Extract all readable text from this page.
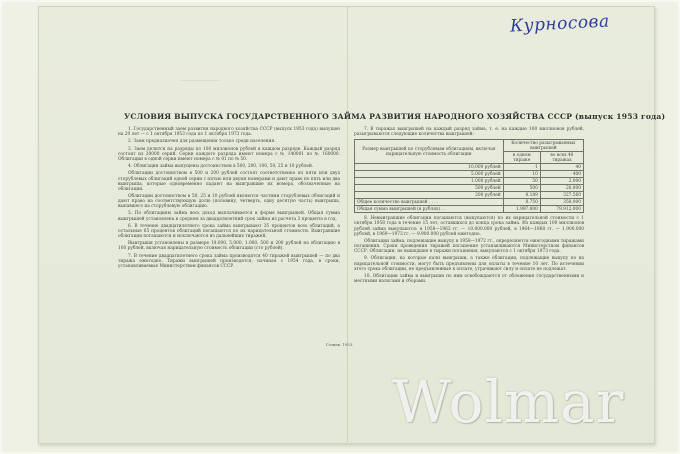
Курносова
УСЛОВИЯ ВЫПУСКА ГОСУДАРСТВЕННОГО ЗАЙМА РАЗВИТИЯ НАРОДНОГО ХОЗЯЙСТВА СССР (выпуск 1953 года)

1. Государственный заем развития народного хозяйства СССР (выпуск 1953 года) выпущен на 20 лет — с 1 октября 1953 года по 1 октября 1973 года.

2. Заем предназначен для размещения только среди населения.

3. Заем делится на разряды по 100 миллионов рублей в каждом разряде. Каждый разряд состоит из 20000 серий. Серии каждого разряда имеют номера с № 140001 по № 160000. Облигации в одной серии имеют номера с № 01 по № 50.

4. Облигации займа выпущены достоинством в 500, 200, 100, 50, 25 и 10 рублей.

Облигации достоинством в 500 и 200 рублей состоят соответственно из пяти или двух сторублевых облигаций одной серии с пятью или двумя номерами и дают право по пять или два выигрыша, которые одновременно падают на выигравшие их номера, обозначенные на облигации.

Облигации достоинством в 50, 25 и 10 рублей являются частями сторублевых облигаций и дают право на соответствующую долю (половину, четверть, одну десятую часть) выигрыша, выпавшего на сторублевую облигацию.

5. По облигациям займа весь доход выплачивается в форме выигрышей. Общая сумма выигрышей установлена в среднем за двадцатилетний срок займа из расчета 3 процента в год.

6. В течение двадцатилетнего срока займа выигрывают 35 процентов всех облигаций, а остальные 65 процентов облигаций погашаются по их нарицательной стоимости. Выигравшие облигации погашаются и исключаются из дальнейших тиражей.

Выигрыши установлены в размере 10.000, 5.000, 1.000, 500 и 200 рублей на облигацию в 100 рублей, включая нарицательную стоимость облигации (сто рублей).

7. В течение двадцатилетнего срока займа производятся 40 тиражей выигрышей — по два тиража ежегодно. Тиражи выигрышей производятся, начиная с 1954 года, в сроки, устанавливаемые Министерством финансов СССР.

7. В тиражах выигрышей на каждый разряд займа, т. е. на каждые 100 миллионов рублей, разыгрываются следующие количества выигрышей:

Размер выигрышей по сторублевым облигациям, включая нарицательную стоимость облигации	Количество разыгрываемых выигрышей	
	в одном тираже	во всех 40 тиражах
10.000 рублей	1	40
5.000 рублей	10	400
1.000 рублей	50	2.000
500 рублей	500	20.000
200 рублей	8.189	327.560
Общее количество выигрышей . . . .	8.750	350.000
Общая сумма выигрышей (в рублях) . .	1.997.800	79.912.000

8. Невыигравшие облигации погашаются (выкупаются) по их нарицательной стоимости с 1 октября 1958 года в течение 15 лет, оставшихся до конца срока займа. Из каждых 100 миллионов рублей займа выкупаются: в 1958—1963 гг. — 10.000.000 рублей, в 1964—1968 гг. — 1.900.000 рублей, в 1969—1973 гг. — 9.900.000 рублей ежегодно.

Облигации займа, подлежащие выкупу в 1958—1972 гг., определяются ежегодными тиражами погашения. Сроки проведения тиражей погашения устанавливаются Министерством финансов СССР. Облигации, не вышедшие в тиражи погашения, выкупаются с 1 октября 1973 года.

9. Облигации, на которые пали выигрыши, а также облигации, подлежащие выкупу по их нарицательной стоимости, могут быть предъявлены для оплаты в течение 10 лет. По истечении этого срока облигации, не предъявленные к оплате, утрачивают силу и оплате не подлежат.

10. Облигации займа и выигрыши по ним освобождаются от обложения государственными и местными налогами и сборами.

Гознак. 1953.
Wolmar
